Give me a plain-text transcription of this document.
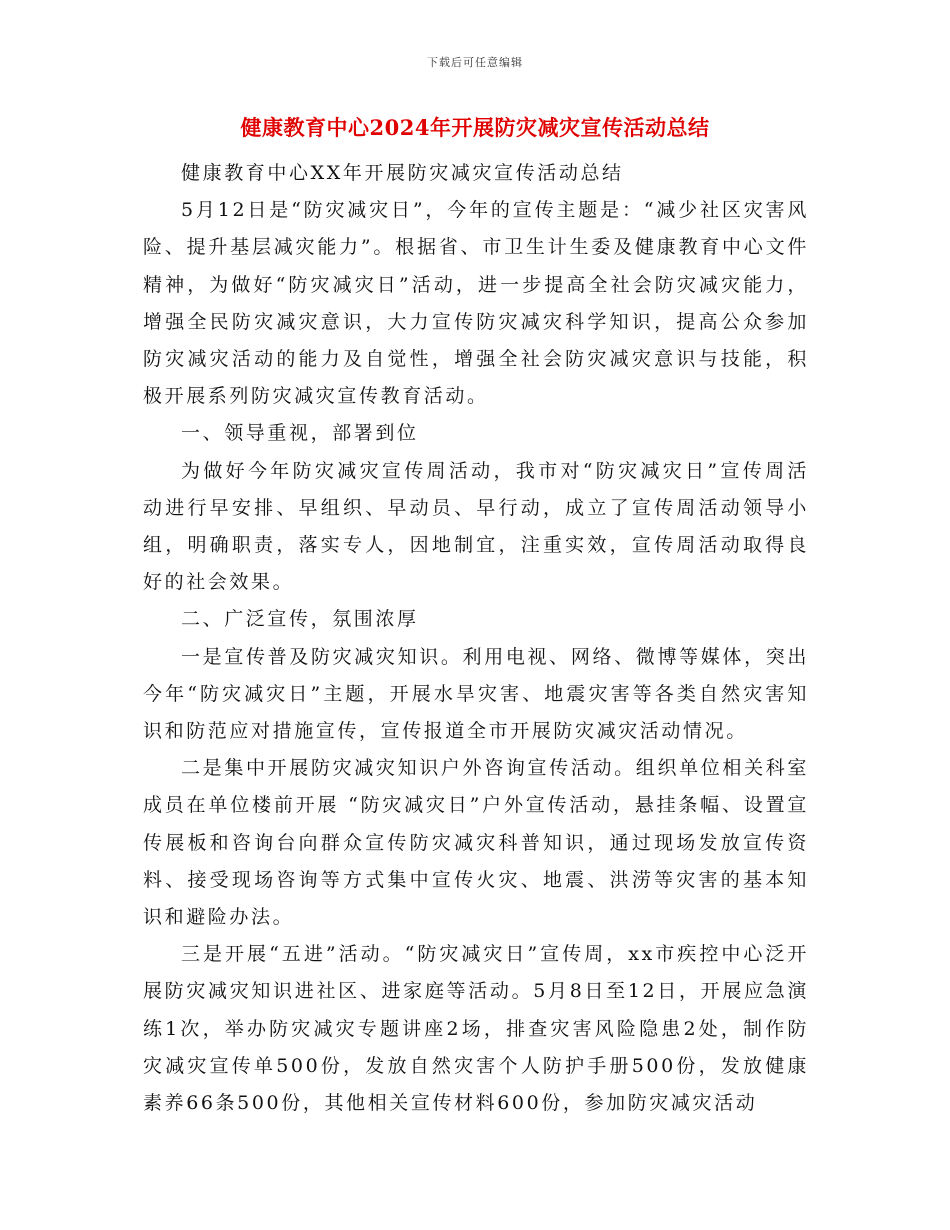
下载后可任意编辑
健康教育中心2024年开展防灾减灾宣传活动总结

健康教育中心XX年开展防灾减灾宣传活动总结

5月12日是“防灾减灾日”，今年的宣传主题是：“减少社区灾害风险、提升基层减灾能力”。根据省、市卫生计生委及健康教育中心文件精神，为做好“防灾减灾日”活动，进一步提高全社会防灾减灾能力，增强全民防灾减灾意识，大力宣传防灾减灾科学知识，提高公众参加防灾减灾活动的能力及自觉性，增强全社会防灾减灾意识与技能，积极开展系列防灾减灾宣传教育活动。

一、领导重视，部署到位

为做好今年防灾减灾宣传周活动，我市对“防灾减灾日”宣传周活动进行早安排、早组织、早动员、早行动，成立了宣传周活动领导小组，明确职责，落实专人，因地制宜，注重实效，宣传周活动取得良好的社会效果。

二、广泛宣传，氛围浓厚

一是宣传普及防灾减灾知识。利用电视、网络、微博等媒体，突出今年“防灾减灾日”主题，开展水旱灾害、地震灾害等各类自然灾害知识和防范应对措施宣传，宣传报道全市开展防灾减灾活动情况。

二是集中开展防灾减灾知识户外咨询宣传活动。组织单位相关科室成员在单位楼前开展 “防灾减灾日”户外宣传活动，悬挂条幅、设置宣传展板和咨询台向群众宣传防灾减灾科普知识，通过现场发放宣传资料、接受现场咨询等方式集中宣传火灾、地震、洪涝等灾害的基本知识和避险办法。

三是开展“五进”活动。“防灾减灾日”宣传周，xx市疾控中心泛开展防灾减灾知识进社区、进家庭等活动。5月8日至12日，开展应急演练1次，举办防灾减灾专题讲座2场，排查灾害风险隐患2处，制作防灾减灾宣传单500份，发放自然灾害个人防护手册500份，发放健康素养66条500份，其他相关宣传材料600份，参加防灾减灾活动
